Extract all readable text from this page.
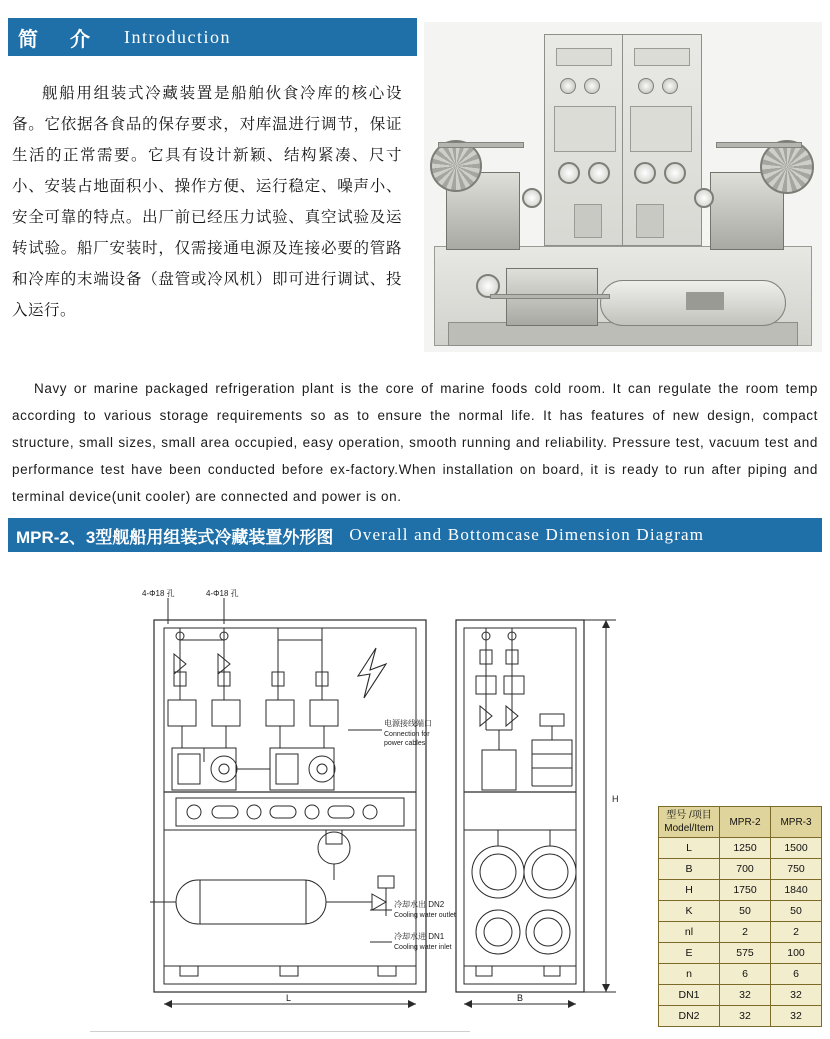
简　介 Introduction
舰船用组装式冷藏装置是船舶伙食冷库的核心设备。它依据各食品的保存要求，对库温进行调节，保证生活的正常需要。它具有设计新颖、结构紧凑、尺寸小、安装占地面积小、操作方便、运行稳定、噪声小、安全可靠的特点。出厂前已经压力试验、真空试验及运转试验。船厂安装时，仅需接通电源及连接必要的管路和冷库的末端设备（盘管或冷风机）即可进行调试、投入运行。
Navy or marine packaged refrigeration plant is the core of marine foods cold room. It can regulate the room temp according to various storage requirements so as to ensure the normal life. It has features of new design, compact structure, small sizes, small area occupied, easy operation, smooth running and reliability. Pressure test, vacuum test and performance test have been conducted before ex-factory.When installation on board, it is ready to run after piping and terminal device(unit cooler) are connected and power is on.
MPR-2、3型舰船用组装式冷藏装置外形图 Overall and Bottomcase Dimension Diagram
4-Φ18 孔	4-Φ18 孔
电源接线端口
Connection for
power cables
冷却水出 DN2
Cooling water outlet
冷却水进 DN1
Cooling water inlet
L	B
H
型号 /项目
Model/Item	MPR-2	MPR-3
L	1250	1500
B	700	750
H	1750	1840
K	50	50
nl	2	2
E	575	100
n	6	6
DN1	32	32
DN2	32	32
